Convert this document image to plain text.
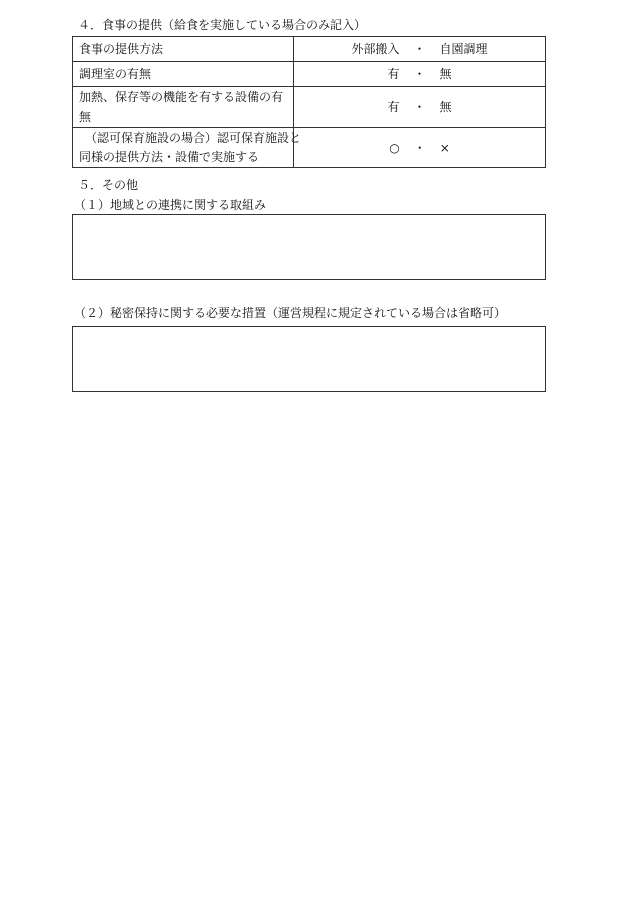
４．食事の提供（給食を実施している場合のみ記入）
食事の提供方法	外部搬入 ・ 自園調理
調理室の有無	有 ・ 無
加熱、保存等の機能を有する設備の有無	有 ・ 無

（認可保育施設の場合）認可保育施設と
同様の提供方法・設備で実施する	○ ・ ×
５．その他
（１）地域との連携に関する取組み
（２）秘密保持に関する必要な措置（運営規程に規定されている場合は省略可）
